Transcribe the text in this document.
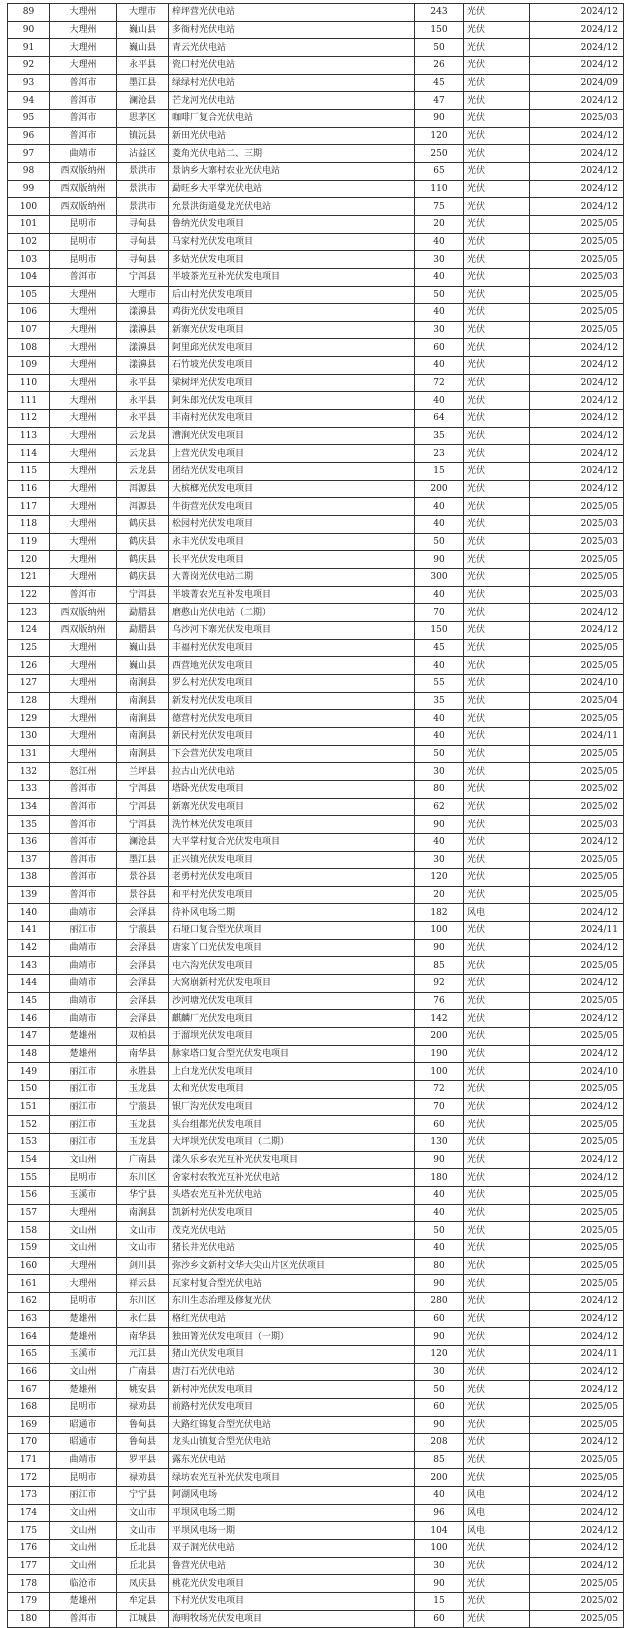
89	大理州	大理市	梓坪营光伏电站	243	光伏	2024/12
90	大理州	巍山县	多衙村光伏电站	150	光伏	2024/12
91	大理州	巍山县	青云光伏电站	50	光伏	2024/12
92	大理州	永平县	瓷口村光伏电站	26	光伏	2024/12
93	普洱市	墨江县	绿绿村光伏电站	45	光伏	2024/09
94	普洱市	澜沧县	芒龙河光伏电站	47	光伏	2024/12
95	普洱市	思茅区	咖啡厂复合光伏电站	90	光伏	2025/03
96	普洱市	镇沅县	新田光伏电站	120	光伏	2024/12
97	曲靖市	沾益区	菱角光伏电站二、三期	250	光伏	2024/12
98	西双版纳州	景洪市	景讷乡大寨村农业光伏电站	65	光伏	2024/12
99	西双版纳州	景洪市	勐旺乡大平掌光伏电站	110	光伏	2024/12
100	西双版纳州	景洪市	允景洪街道曼龙光伏电站	75	光伏	2024/12
101	昆明市	寻甸县	鲁纳光伏发电项目	20	光伏	2025/05
102	昆明市	寻甸县	马家村光伏发电项目	40	光伏	2025/05
103	昆明市	寻甸县	多姑光伏发电项目	30	光伏	2025/05
104	普洱市	宁洱县	半坡茶光互补光伏发电项目	40	光伏	2025/03
105	大理州	大理市	后山村光伏发电项目	50	光伏	2025/05
106	大理州	漾濞县	鸡街光伏发电项目	40	光伏	2025/05
107	大理州	漾濞县	新寨光伏发电项目	30	光伏	2025/05
108	大理州	漾濞县	阿里邱光伏发电项目	60	光伏	2024/12
109	大理州	漾濞县	石竹坡光伏发电项目	40	光伏	2024/12
110	大理州	永平县	梁树坪光伏发电项目	72	光伏	2024/12
111	大理州	永平县	阿朱郎光伏发电项目	40	光伏	2024/12
112	大理州	永平县	丰南村光伏发电项目	64	光伏	2024/12
113	大理州	云龙县	漕涧光伏发电项目	35	光伏	2024/12
114	大理州	云龙县	上营光伏发电项目	23	光伏	2024/12
115	大理州	云龙县	团结光伏发电项目	15	光伏	2024/12
116	大理州	洱源县	大槟榔光伏发电项目	200	光伏	2024/12
117	大理州	洱源县	牛街营光伏发电项目	40	光伏	2025/05
118	大理州	鹤庆县	松园村光伏发电项目	40	光伏	2025/03
119	大理州	鹤庆县	永丰光伏发电项目	50	光伏	2025/03
120	大理州	鹤庆县	长平光伏发电项目	90	光伏	2025/05
121	大理州	鹤庆县	大菁岗光伏电站二期	300	光伏	2025/05
122	普洱市	宁洱县	半坡菁农光互补发电项目	40	光伏	2025/03
123	西双版纳州	勐腊县	磨憨山光伏电站（二期）	70	光伏	2024/12
124	西双版纳州	勐腊县	乌沙河下寨光伏发电项目	150	光伏	2024/12
125	大理州	巍山县	丰福村光伏发电项目	45	光伏	2025/05
126	大理州	巍山县	西营地光伏发电项目	40	光伏	2025/05
127	大理州	南涧县	罗么村光伏发电项目	55	光伏	2024/10
128	大理州	南涧县	新发村光伏发电项目	35	光伏	2025/04
129	大理州	南涧县	德营村光伏发电项目	40	光伏	2025/05
130	大理州	南涧县	新民村光伏发电项目	40	光伏	2024/11
131	大理州	南涧县	下会营光伏发电项目	50	光伏	2025/05
132	怒江州	兰坪县	拉古山光伏电站	30	光伏	2025/05
133	普洱市	宁洱县	塔卧光伏发电项目	80	光伏	2025/02
134	普洱市	宁洱县	新寨光伏发电项目	62	光伏	2025/02
135	普洱市	宁洱县	洗竹林光伏发电项目	90	光伏	2025/03
136	普洱市	澜沧县	大平掌村复合光伏发电项目	40	光伏	2024/12
137	普洱市	墨江县	正兴镇光伏发电项目	30	光伏	2025/05
138	普洱市	景谷县	老勇村光伏发电项目	120	光伏	2025/05
139	普洱市	景谷县	和平村光伏发电项目	20	光伏	2025/05
140	曲靖市	会泽县	待补风电场二期	182	风电	2024/12
141	丽江市	宁蒗县	石垭口复合型光伏项目	100	光伏	2024/11
142	曲靖市	会泽县	唐家丫口光伏发电项目	90	光伏	2024/12
143	曲靖市	会泽县	屯六沟光伏发电项目	85	光伏	2025/05
144	曲靖市	会泽县	大窝崩新村光伏发电项目	92	光伏	2024/12
145	曲靖市	会泽县	沙河塘光伏发电项目	76	光伏	2025/05
146	曲靖市	会泽县	麒麟厂光伏发电项目	142	光伏	2024/12
147	楚雄州	双柏县	于溜坝光伏发电项目	200	光伏	2025/05
148	楚雄州	南华县	脉家塔口复合型光伏发电项目	190	光伏	2024/12
149	丽江市	永胜县	上白龙光伏发电项目	100	光伏	2024/10
150	丽江市	玉龙县	太和光伏发电项目	72	光伏	2025/05
151	丽江市	宁蒗县	银厂沟光伏发电项目	70	光伏	2024/12
152	丽江市	玉龙县	头台组都光伏发电项目	60	光伏	2025/05
153	丽江市	玉龙县	大坪坝光伏发电项目（二期）	130	光伏	2025/05
154	文山州	广南县	漾久乐乡农光互补光伏发电项目	90	光伏	2024/12
155	昆明市	东川区	舍家村农牧光互补光伏电站	180	光伏	2024/12
156	玉溪市	华宁县	头塔农光互补光伏电站	40	光伏	2025/05
157	大理州	南涧县	凯新村光伏发电项目	40	光伏	2025/05
158	文山州	文山市	茂克光伏电站	50	光伏	2025/05
159	文山州	文山市	猪长井光伏电站	40	光伏	2025/05
160	大理州	剑川县	弥沙乡文新村文华大尖山片区光伏项目	80	光伏	2025/05
161	大理州	祥云县	瓦家村复合型光伏电站	90	光伏	2025/05
162	昆明市	东川区	东川生态治理及修复光伏	280	光伏	2024/12
163	楚雄州	永仁县	格红光伏电站	60	光伏	2024/12
164	楚雄州	南华县	独田箐光伏发电项目（一期）	90	光伏	2024/12
165	玉溪市	元江县	猪山光伏发电项目	120	光伏	2024/11
166	文山州	广南县	唐汀石光伏电站	30	光伏	2024/12
167	楚雄州	姚安县	新村冲光伏发电项目	50	光伏	2024/12
168	昆明市	禄劝县	前路村光伏发电项目	60	光伏	2025/05
169	昭通市	鲁甸县	大路红锦复合型光伏电站	90	光伏	2025/05
170	昭通市	鲁甸县	龙头山镇复合型光伏电站	208	光伏	2024/12
171	曲靖市	罗平县	露东光伏电站	85	光伏	2025/05
172	昆明市	禄劝县	绿坊农光互补光伏发电项目	200	光伏	2025/05
173	丽江市	宁宁县	阿湖风电场	40	风电	2024/12
174	文山州	文山市	平坝风电场二期	96	风电	2024/12
175	文山州	文山市	平坝风电场一期	104	风电	2024/12
176	文山州	丘北县	双子洞光伏电站	100	光伏	2024/12
177	文山州	丘北县	鲁营光伏电站	30	光伏	2024/12
178	临沧市	凤庆县	桃花光伏发电项目	90	光伏	2025/05
179	楚雄州	牟定县	下村光伏发电项目	15	光伏	2025/02
180	普洱市	江城县	海明牧场光伏发电项目	60	光伏	2025/05
